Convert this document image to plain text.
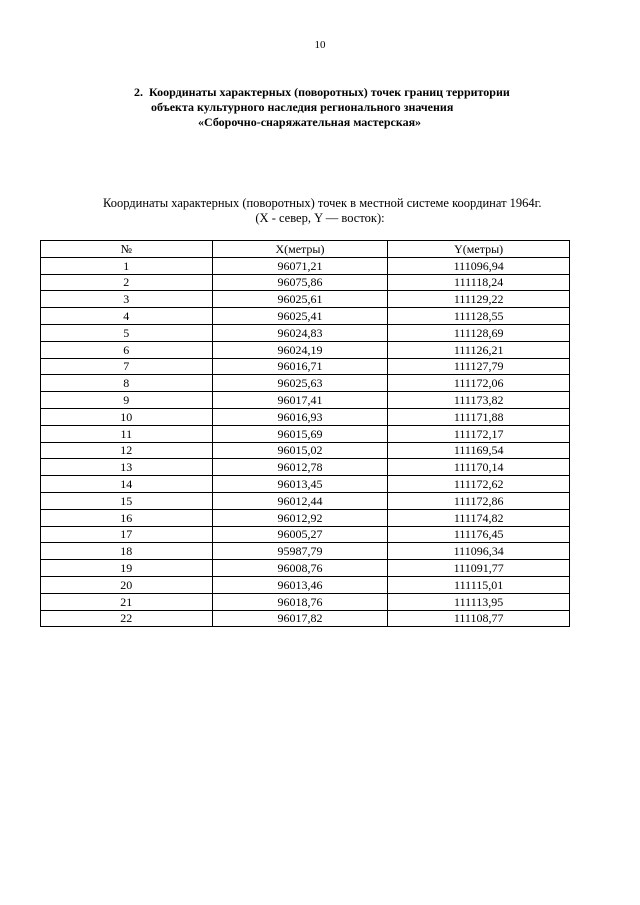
10
2. Координаты характерных (поворотных) точек границ территории
объекта культурного наследия регионального значения
«Сборочно-снаряжательная мастерская»
Координаты характерных (поворотных) точек в местной системе координат 1964г.
(X - север, Y — восток):
№	X(метры)	Y(метры)
1	96071,21	111096,94
2	96075,86	111118,24
3	96025,61	111129,22
4	96025,41	111128,55
5	96024,83	111128,69
6	96024,19	111126,21
7	96016,71	111127,79
8	96025,63	111172,06
9	96017,41	111173,82
10	96016,93	111171,88
11	96015,69	111172,17
12	96015,02	111169,54
13	96012,78	111170,14
14	96013,45	111172,62
15	96012,44	111172,86
16	96012,92	111174,82
17	96005,27	111176,45
18	95987,79	111096,34
19	96008,76	111091,77
20	96013,46	111115,01
21	96018,76	111113,95
22	96017,82	111108,77
